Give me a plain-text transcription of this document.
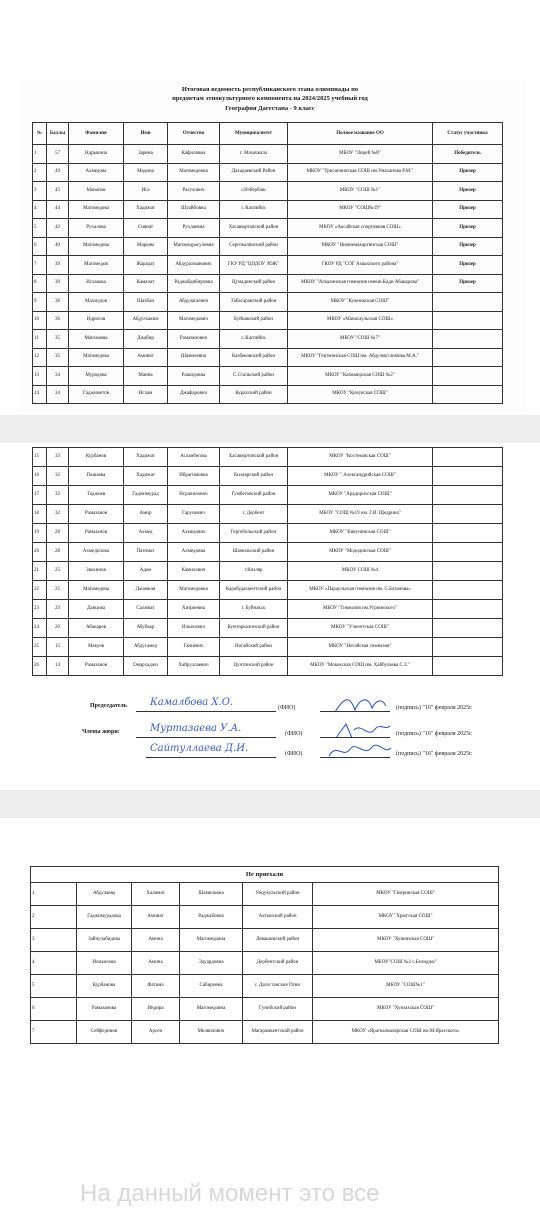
Итоговая ведомость республиканского этапа олимпиады по
предметам этнокультурного компонента на 2024/2025 учебный год
География Дагестана - 9 класс
№	Баллы	Фамилия	Имя	Отчество	Муниципалитет	Полное название ОО	Статус участника
1	57	Ндрыкина	Зарема	Кафиловна	г. Махачкала	МБОУ "Лицей №8"	Победитель
2	49	Ахмедова	Мадина	Магомедовна	Дахадаевский Район	МКОУ "Трисанчинская СОШ им.Умаханова Р.М."	Призер
3	45	Манапов	Иса	Расулович	г.Избербаш	МКОУ "СОШ №1"	Призер
4	44	Магомедова	Хадижат	Шуайбовна	г. Каспийск	МКОУ "СОШ№19"	Призер
5	42	Рухалова	Сиянат	Рухлаевна	Хасавюртовский район	МКОУ «Аксайская спортивная СОШ»	Призер
6	40	Магомедова	Марьям	Магомедрасуловна	Сергокалинский район	МКОУ "Нижнемахаргинская СОШ"	Призер
7	39	Магомедов	Жарадат	Абдурахманович	ГКУ РД "ЦОДОУ ЗОЖ"	ГКОУ РД "СОГ Ахвахского района"	Призер
8	39	Исхакова	Камалат	Раджабдибировна	Цумадинский район	МКОУ "Агвалинская гимназия имени Кади Абакарова"	Призер
9	36	Махмудов	Шахбан	Абдулагаевич	Табасаранский район	МКОУ "Кужникская СОШ"	
10	36	Идрисов	Абдулхаким	Магомедович	Буйнакский район	МКОУ «Манасаульская СОШ»	
11	35	Магомаева	Джабир	Рамазанович	г. Каспийск	МБОУ "СОШ №7"	
12	35	Магомедова	Аминат	Шамилевна	Казбековский район	МКОУ "Гертминская СОШ им. Абдулмуслимова М.А."	
13	34	Муродова	Манна	Рашидовна	С.Стальский район	МКОУ "Казмаюрская СОШ №2"	
14	34	Гаджиметов	Ислам	Джафарович	Курахский район	МКОУ "Кумукская СОШ"	
15	33	Курбанов	Хадижат	Асланбегова	Хасавюртовский район	МКОУ "Костековская СОШ"	
16	32	Пашаева	Хадижат	Ибрагимовна	Кизлярский район	МКОУ " Александрийская СОШ"	
17	32	Таджиев	Гаджимурад	Исрапилович	Гумбетовский район	МКОУ "Арадирихская СОШ"	
18	32	Рамазанов	Амир	Гарунович	г. Дербент	МБОУ "СОШ №19 им. Г.И. Щедрина"	
19	28	Рамазанов	Ахмед	Ахмедович	Гергебильский район	МКОУ "Кикунинская СОШ"	
20	28	Ахмедилова	Патимат	Ахмедовна	Шамильский район	МКОУ "Мододинская СОШ"	
21	25	Звахинов	Адам	Камилович	г.Кизляр	МКОУ СОШ №4	
22	25	Магомедова	Джамиля	Магомедовна	Карабудахкентский район	МКОУ «Параульская гимназия им. С.Батанова»	
23	23	Данцова	Салимат	Хизриевна	г. Буйнакск	МБОУ "Гимназия им.Угрюмского"	
24	20	Абакаров	Абубакр	Ильясович	Кумторкалинский район	МКОУ "Учкентская СОШ"	
25	15	Макуев	Абдусамед	Ганиевич	Ногайский район	МКОУ "Ногайская гимназия"	
26	14	Рамазанов	Омархаджи	Хайруллаевич	Цунтинский район	МКОУ "Мококская СОШ им. Хайбулаева С.З."	
Председатель Камалбова Х.О.	(ФИО)	(подпись) "16" февраля 2025г.
Члены жюри:	Муртазаева У.А.	(ФИО)	(подпись) "16" февраля 2025г.
Сайтуллаева Д.И.	(ФИО)	(подпись) "16" февраля 2025г.
Не приехали					
1	Абдулаева	Халимат	Шамиловна	Унцукульский район	МКОУ "Гимринская СОШ"
2	Гаджимурадова	Аминат	Раджабовна	Ахтынский район	МКОУ "Хрюгская СОШ"
3	Зайнулабидова	Амина	Магомедовна	Левашинский район	МКОУ "Хушинская СОШ"
4	Исмаилова	Амина	Эдуардовна	Дербентский район	МБОУ"СОШ №2 с.Белиджи"
5	Курбанова	Фатима	Сабировна	г. Дагестанские Огни	МБОУ "СОШ№1"
6	Рамазанова	Индира	Магомедовна	Гунибский район	МКОУ "Хунзахская СОШ"
7	Сейфединов	Арсен	Мелвилович	Магарамкентский район	МКОУ «Ярагказмалярская СОШ им.М.Ярагского»
На данный момент это все
